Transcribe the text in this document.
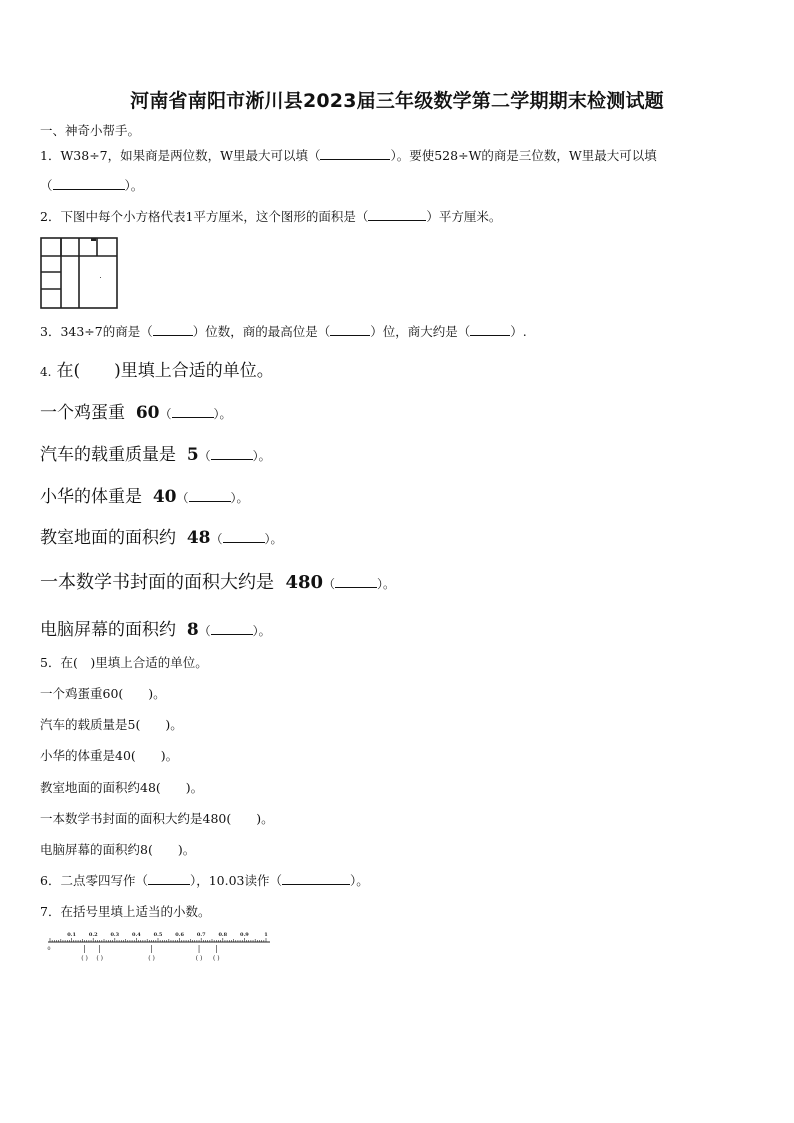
河南省南阳市淅川县2023届三年级数学第二学期期末检测试题
一、神奇小帮手。
1．W38÷7，如果商是两位数，W里最大可以填（	）。要使528÷W的商是三位数，W里最大可以填
（	）。
2．下图中每个小方格代表1平方厘米，这个图形的面积是（	）平方厘米。
3．343÷7的商是（	）位数，商的最高位是（	）位，商大约是（	）.
4. 在(　　)里填上合适的单位。
一个鸡蛋重 60（	）。
汽车的载重质量是 5（	）。
小华的体重是 40（	）。
教室地面的面积约 48（	）。
一本数学书封面的面积大约是 480（	）。
电脑屏幕的面积约 8（	）。
5．在(　)里填上合适的单位。
一个鸡蛋重60(　　)。
汽车的载质量是5(　　)。
小华的体重是40(　　)。
教室地面的面积约48(　　)。
一本数学书封面的面积大约是480(　　)。
电脑屏幕的面积约8(　　)。
6．二点零四写作（	），10.03读作（	）。
7．在括号里填上适当的小数。
0.1	0.2	0.3	0.4	0.5	0.6	0.7	0.8	0.9	1
0
( ) ( )	( )	( ) ( )
